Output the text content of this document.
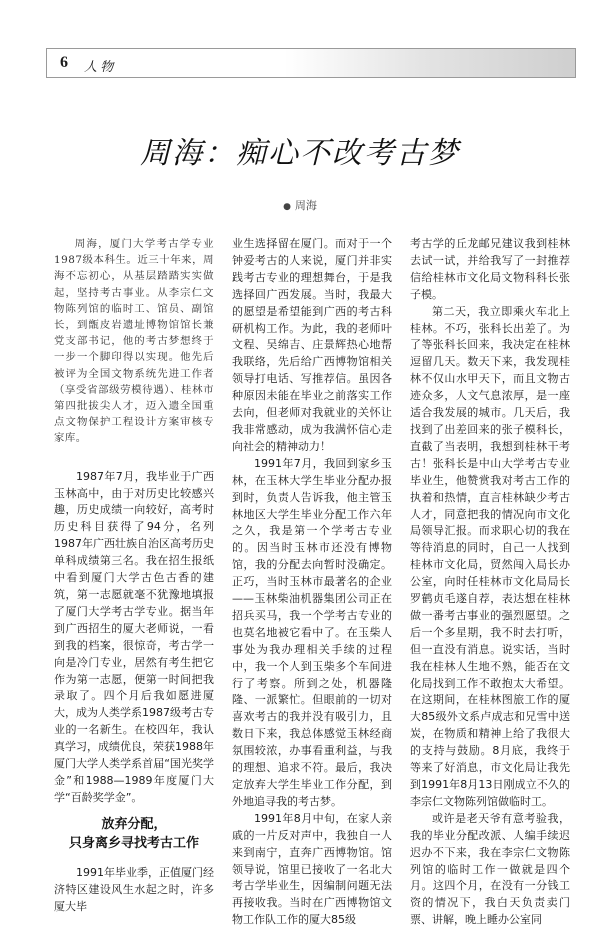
6 人 物
周海：痴心不改考古梦
● 周海

周海，厦门大学考古学专业1987级本科生。近三十年来，周海不忘初心，从基层踏踏实实做起，坚持考古事业。从李宗仁文物陈列馆的临时工、馆员、副馆长，到甑皮岩遗址博物馆馆长兼党支部书记，他的考古梦想终于一步一个脚印得以实现。他先后被评为全国文物系统先进工作者（享受省部级劳模待遇）、桂林市第四批拔尖人才，迈入遗全国重点文物保护工程设计方案审核专家库。

1987年7月，我毕业于广西玉林高中，由于对历史比较感兴趣，历史成绩一向较好，高考时历史科目获得了94分，名列1987年广西壮族自治区高考历史单科成绩第三名。我在招生报纸中看到厦门大学古色古香的建筑，第一志愿就毫不犹豫地填报了厦门大学考古学专业。据当年到广西招生的厦大老师说，一看到我的档案，很惊奇，考古学一向是冷门专业，居然有考生把它作为第一志愿，便第一时间把我录取了。四个月后我如愿进厦大，成为人类学系1987级考古专业的一名新生。在校四年，我认真学习，成绩优良，荣获1988年厦门大学人类学系首届“国光奖学金”和1988—1989年度厦门大学“百龄奖学金”。

放弃分配，
只身离乡寻找考古工作

1991年毕业季，正值厦门经济特区建设风生水起之时，许多厦大毕

业生选择留在厦门。而对于一个钟爱考古的人来说，厦门并非实践考古专业的理想舞台，于是我选择回广西发展。当时，我最大的愿望是希望能到广西的考古科研机构工作。为此，我的老师叶文程、吴绵吉、庄景辉热心地帮我联络，先后给广西博物馆相关领导打电话、写推荐信。虽因各种原因未能在毕业之前落实工作去向，但老师对我就业的关怀让我非常感动，成为我满怀信心走向社会的精神动力！

1991年7月，我回到家乡玉林，在玉林大学生毕业分配办报到时，负责人告诉我，他主管玉林地区大学生毕业分配工作六年之久，我是第一个学考古专业的。因当时玉林市还没有博物馆，我的分配去向暂时没确定。正巧，当时玉林市最著名的企业——玉林柴油机器集团公司正在招兵买马，我一个学考古专业的也莫名地被它看中了。在玉柴人事处为我办理相关手续的过程中，我一个人到玉柴多个车间进行了考察。所到之处，机器隆隆、一派繁忙。但眼前的一切对喜欢考古的我并没有吸引力，且数日下来，我总体感觉玉林经商氛围较浓，办事看重利益，与我的理想、追求不符。最后，我决定放弃大学生毕业工作分配，到外地追寻我的考古梦。

1991年8月中旬，在家人亲戚的一片反对声中，我独自一人来到南宁，直奔广西博物馆。馆领导说，馆里已接收了一名北大考古学毕业生，因编制问题无法再接收我。当时在广西博物馆文物工作队工作的厦大85级

考古学的丘龙邮兄建议我到桂林去试一试，并给我写了一封推荐信给桂林市文化局文物科科长张子模。

第二天，我立即乘火车北上桂林。不巧，张科长出差了。为了等张科长回来，我决定在桂林逗留几天。数天下来，我发现桂林不仅山水甲天下，而且文物古迹众多，人文气息浓厚，是一座适合我发展的城市。几天后，我找到了出差回来的张子模科长，直截了当表明，我想到桂林干考古！张科长是中山大学考古专业毕业生，他赞赏我对考古工作的执着和热情，直言桂林缺少考古人才，同意把我的情况向市文化局领导汇报。而求职心切的我在等待消息的同时，自己一人找到桂林市文化局，贸然闯入局长办公室，向时任桂林市文化局局长罗鹤贞毛遂自荐，表达想在桂林做一番考古事业的强烈愿望。之后一个多星期，我不时去打听，但一直没有消息。说实话，当时我在桂林人生地不熟，能否在文化局找到工作不敢抱太大希望。在这期间，在桂林图旅工作的厦大85级外文系卢成志和兄雪中送炭，在物质和精神上给了我很大的支持与鼓励。8月底，我终于等来了好消息，市文化局让我先到1991年8月13日刚成立不久的李宗仁文物陈列馆做临时工。

或许是老天爷有意考验我，我的毕业分配改派、人编手续迟迟办不下来，我在李宗仁文物陈列馆的临时工作一做就是四个月。这四个月，在没有一分钱工资的情况下，我白天负责卖门票、讲解，晚上睡办公室同
